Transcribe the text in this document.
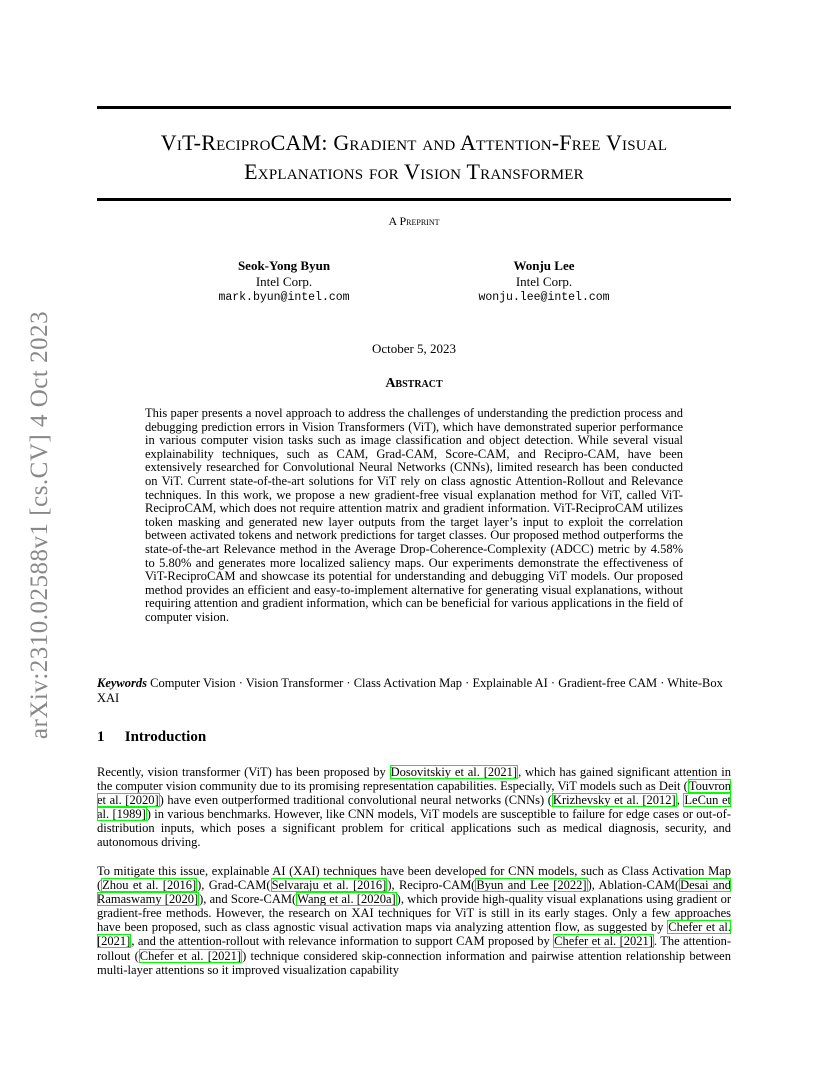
arXiv:2310.02588v1 [cs.CV] 4 Oct 2023
ViT-ReciproCAM: Gradient and Attention-Free Visual
Explanations for Vision Transformer
A Preprint
Seok-Yong Byun
Intel Corp.
mark.byun@intel.com
Wonju Lee
Intel Corp.
wonju.lee@intel.com
October 5, 2023
Abstract
This paper presents a novel approach to address the challenges of understanding the prediction process and debugging prediction errors in Vision Transformers (ViT), which have demonstrated superior performance in various computer vision tasks such as image classification and object detection. While several visual explainability techniques, such as CAM, Grad-CAM, Score-CAM, and Recipro-CAM, have been extensively researched for Convolutional Neural Networks (CNNs), limited research has been conducted on ViT. Current state-of-the-art solutions for ViT rely on class agnostic Attention-Rollout and Relevance techniques. In this work, we propose a new gradient-free visual explanation method for ViT, called ViT-ReciproCAM, which does not require attention matrix and gradient information. ViT-ReciproCAM utilizes token masking and generated new layer outputs from the target layer’s input to exploit the correlation between activated tokens and network predictions for target classes. Our proposed method outperforms the state-of-the-art Relevance method in the Average Drop-Coherence-Complexity (ADCC) metric by 4.58% to 5.80% and generates more localized saliency maps. Our experiments demonstrate the effectiveness of ViT-ReciproCAM and showcase its potential for understanding and debugging ViT models. Our proposed method provides an efficient and easy-to-implement alternative for generating visual explanations, without requiring attention and gradient information, which can be beneficial for various applications in the field of computer vision.
Keywords Computer Vision · Vision Transformer · Class Activation Map · Explainable AI · Gradient-free CAM · White-Box XAI
1 Introduction
Recently, vision transformer (ViT) has been proposed by Dosovitskiy et al. [2021], which has gained significant attention in the computer vision community due to its promising representation capabilities. Especially, ViT models such as Deit (Touvron et al. [2020]) have even outperformed traditional convolutional neural networks (CNNs) (Krizhevsky et al. [2012], LeCun et al. [1989]) in various benchmarks. However, like CNN models, ViT models are susceptible to failure for edge cases or out-of-distribution inputs, which poses a significant problem for critical applications such as medical diagnosis, security, and autonomous driving.
To mitigate this issue, explainable AI (XAI) techniques have been developed for CNN models, such as Class Activation Map (Zhou et al. [2016]), Grad-CAM(Selvaraju et al. [2016]), Recipro-CAM(Byun and Lee [2022]), Ablation-CAM(Desai and Ramaswamy [2020]), and Score-CAM(Wang et al. [2020a]), which provide high-quality visual explanations using gradient or gradient-free methods. However, the research on XAI techniques for ViT is still in its early stages. Only a few approaches have been proposed, such as class agnostic visual activation maps via analyzing attention flow, as suggested by Chefer et al. [2021], and the attention-rollout with relevance information to support CAM proposed by Chefer et al. [2021]. The attention-rollout (Chefer et al. [2021]) technique considered skip-connection information and pairwise attention relationship between multi-layer attentions so it improved visualization capability
